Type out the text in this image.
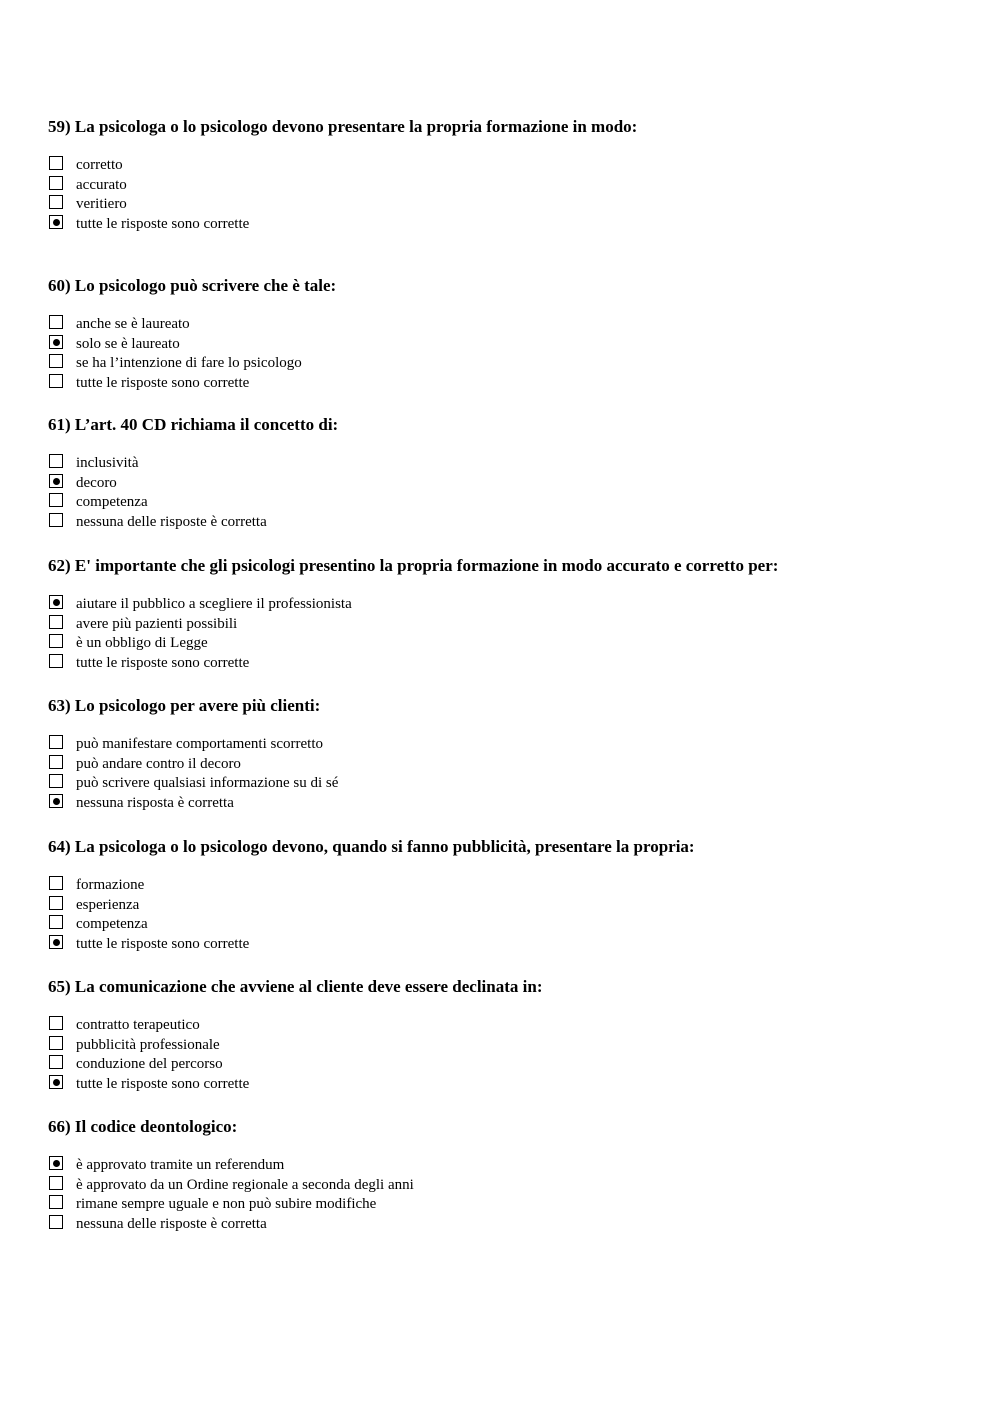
59) La psicologa o lo psicologo devono presentare la propria formazione in modo:
corretto
accurato
veritiero
tutte le risposte sono corrette
60) Lo psicologo può scrivere che è tale:
anche se è laureato
solo se è laureato
se ha l’intenzione di fare lo psicologo
tutte le risposte sono corrette
61) L’art. 40 CD richiama il concetto di:
inclusività
decoro
competenza
nessuna delle risposte è corretta
62) E' importante che gli psicologi presentino la propria formazione in modo accurato e corretto per:
aiutare il pubblico a scegliere il professionista
avere più pazienti possibili
è un obbligo di Legge
tutte le risposte sono corrette
63) Lo psicologo per avere più clienti:
può manifestare comportamenti scorretto
può andare contro il decoro
può scrivere qualsiasi informazione su di sé
nessuna risposta è corretta
64) La psicologa o lo psicologo devono, quando si fanno pubblicità, presentare la propria:
formazione
esperienza
competenza
tutte le risposte sono corrette
65) La comunicazione che avviene al cliente deve essere declinata in:
contratto terapeutico
pubblicità professionale
conduzione del percorso
tutte le risposte sono corrette
66) Il codice deontologico:
è approvato tramite un referendum
è approvato da un Ordine regionale a seconda degli anni
rimane sempre uguale e non può subire modifiche
nessuna delle risposte è corretta
